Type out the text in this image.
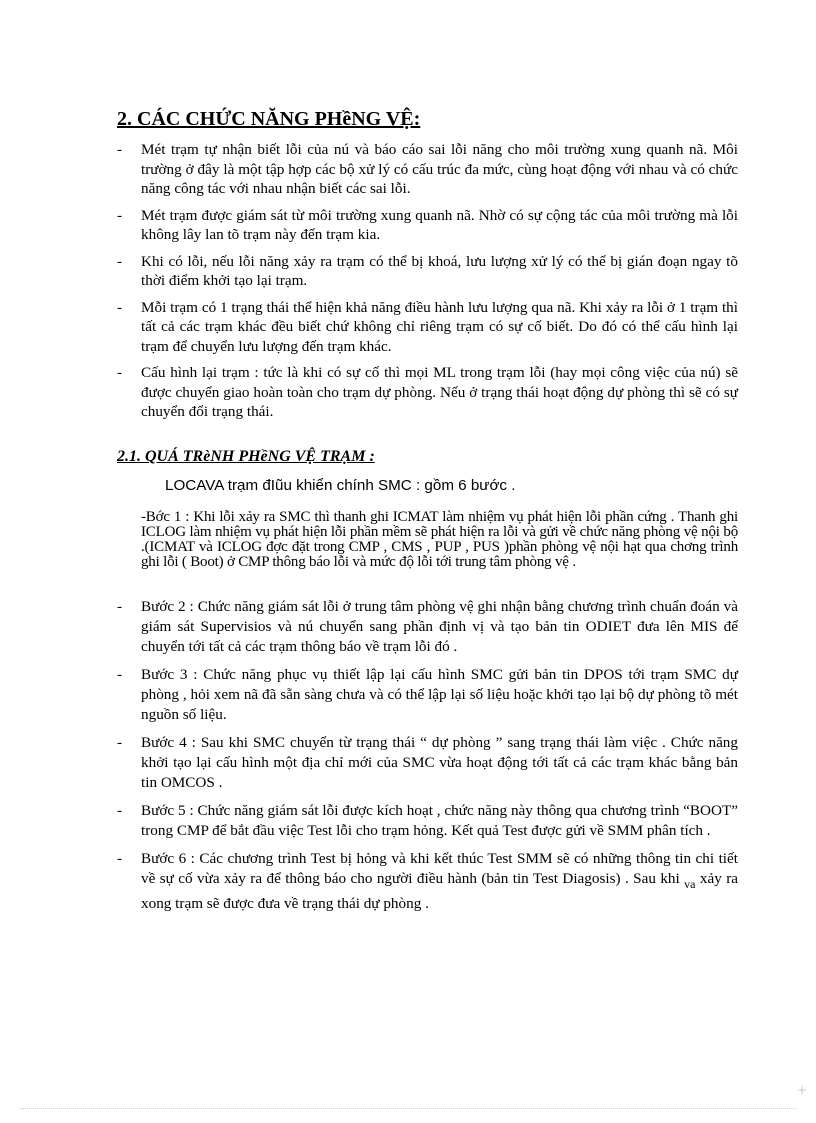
2. CÁC CHỨC NĂNG PHềNG VỆ:
- Mét trạm tự nhận biết lỗi của nú và báo cáo sai lỗi năng cho môi trường xung quanh nã. Môi trường ở đây là một tập hợp các bộ xử lý có cấu trúc đa mức, cùng hoạt động với nhau và có chức năng công tác với nhau nhận biết các sai lỗi.
- Mét trạm được giám sát từ môi trường xung quanh nã. Nhờ có sự cộng tác của môi trường mà lỗi không lây lan tõ trạm này đến trạm kia.
- Khi có lỗi, nếu lỗi năng xảy ra trạm có thể bị khoá, lưu lượng xử lý có thể bị gián đoạn ngay tõ thời điểm khởi tạo lại trạm.
- Mỗi trạm có 1 trạng thái thể hiện khả năng điều hành lưu lượng qua nã. Khi xảy ra lỗi ở 1 trạm thì tất cả các trạm khác đều biết chứ không chỉ riêng trạm có sự cố biết. Do đó có thể cấu hình lại trạm để chuyển lưu lượng đến trạm khác.
- Cấu hình lại trạm : tức là khi có sự cố thì mọi ML trong trạm lỗi (hay mọi công việc của nú) sẽ được chuyển giao hoàn toàn cho trạm dự phòng. Nếu ở trạng thái hoạt động dự phòng thì sẽ có sự chuyển đổi trạng thái.
2.1. QUÁ TRèNH PHềNG VỆ TRẠM :

LOCAVA trạm đIũu khiển chính SMC : gồm 6 bước .

-Bớc 1 : Khi lỗi xảy ra SMC thì thanh ghi ICMAT làm nhiệm vụ phát hiện lỗi phần cứng . Thanh ghi ICLOG làm nhiệm vụ phát hiện lỗi phần mềm sẽ phát hiện ra lỗi và gửi về chức năng phòng vệ nội bộ .(ICMAT và ICLOG đợc đặt trong CMP , CMS , PUP , PUS )phần phòng vệ nội hạt qua chơng trình ghi lỗi ( Boot) ở CMP thông báo lỗi và mức độ lỗi tới trung tâm phòng vệ .
- Bước 2 : Chức năng giám sát lỗi ở trung tâm phòng vệ ghi nhận bằng chương trình chuẩn đoán và giám sát Supervisios và nú chuyển sang phần định vị và tạo bản tin ODIET đưa lên MIS để chuyển tới tất cả các trạm thông báo về trạm lỗi đó .
- Bước 3 : Chức năng phục vụ thiết lập lại cấu hình SMC gửi bản tin DPOS tới trạm SMC dự phòng , hỏi xem nã đã sẵn sàng chưa và có thể lập lại số liệu hoặc khởi tạo lại bộ dự phòng tõ mét nguồn số liệu.
- Bước 4 : Sau khi SMC chuyển từ trạng thái “ dự phòng ” sang trạng thái làm việc . Chức năng khởi tạo lại cấu hình một địa chỉ mới của SMC vừa hoạt động tới tất cả các trạm khác bằng bản tin OMCOS .
- Bước 5 : Chức năng giám sát lỗi được kích hoạt , chức năng này thông qua chương trình “BOOT” trong CMP để bắt đầu việc Test lỗi cho trạm hỏng. Kết quả Test được gửi về SMM phân tích .
- Bước 6 : Các chương trình Test bị hỏng và khi kết thúc Test SMM sẽ có những thông tin chi tiết về sự cố vừa xảy ra để thông báo cho người điều hành (bản tin Test Diagosis) . Sau khi $_{va}$ xảy ra xong trạm sẽ được đưa về trạng thái dự phòng .
+
